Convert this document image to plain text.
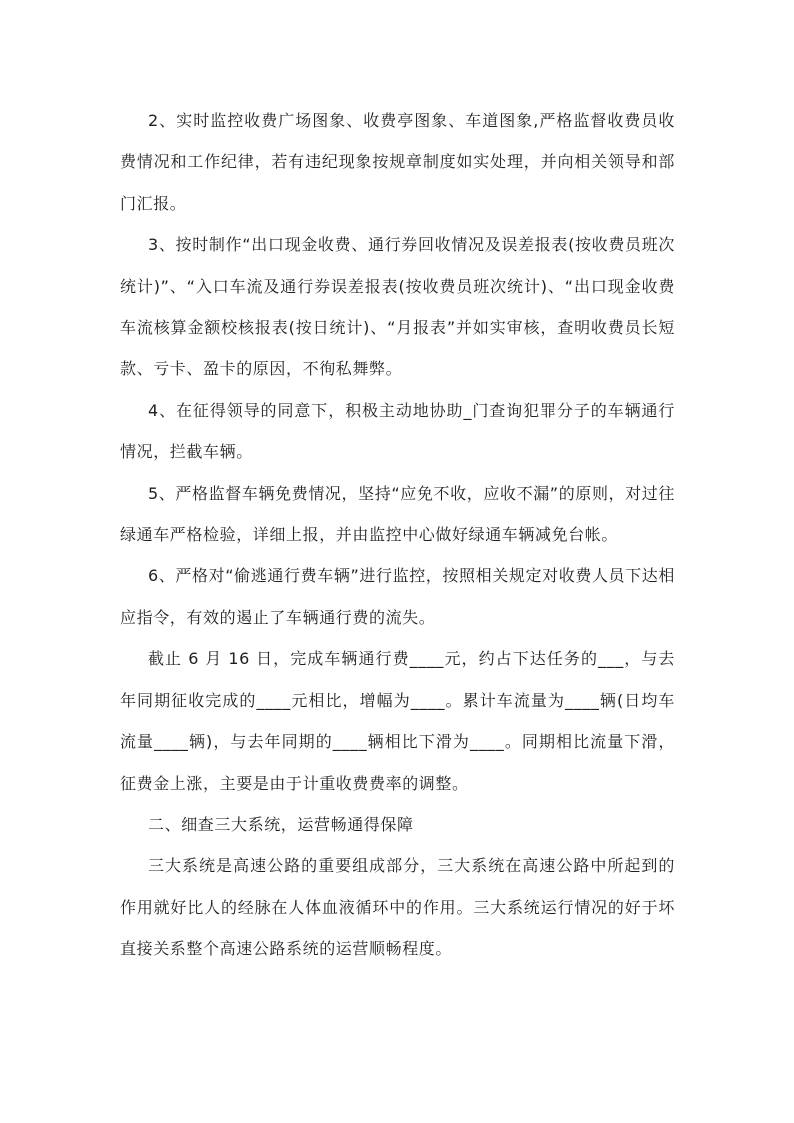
2、实时监控收费广场图象、收费亭图象、车道图象,严格监督收费员收费情况和工作纪律，若有违纪现象按规章制度如实处理，并向相关领导和部门汇报。

3、按时制作“出口现金收费、通行券回收情况及误差报表(按收费员班次统计)”、“入口车流及通行券误差报表(按收费员班次统计)、“出口现金收费车流核算金额校核报表(按日统计)、“月报表”并如实审核，查明收费员长短款、亏卡、盈卡的原因，不徇私舞弊。

4、在征得领导的同意下，积极主动地协助_门查询犯罪分子的车辆通行情况，拦截车辆。

5、严格监督车辆免费情况，坚持“应免不收，应收不漏”的原则，对过往绿通车严格检验，详细上报，并由监控中心做好绿通车辆减免台帐。

6、严格对“偷逃通行费车辆”进行监控，按照相关规定对收费人员下达相应指令，有效的遏止了车辆通行费的流失。

截止 6 月 16 日，完成车辆通行费____元，约占下达任务的___，与去年同期征收完成的____元相比，增幅为____。累计车流量为____辆(日均车流量____辆)，与去年同期的____辆相比下滑为____。同期相比流量下滑，征费金上涨，主要是由于计重收费费率的调整。

二、细查三大系统，运营畅通得保障

三大系统是高速公路的重要组成部分，三大系统在高速公路中所起到的作用就好比人的经脉在人体血液循环中的作用。三大系统运行情况的好于坏直接关系整个高速公路系统的运营顺畅程度。
